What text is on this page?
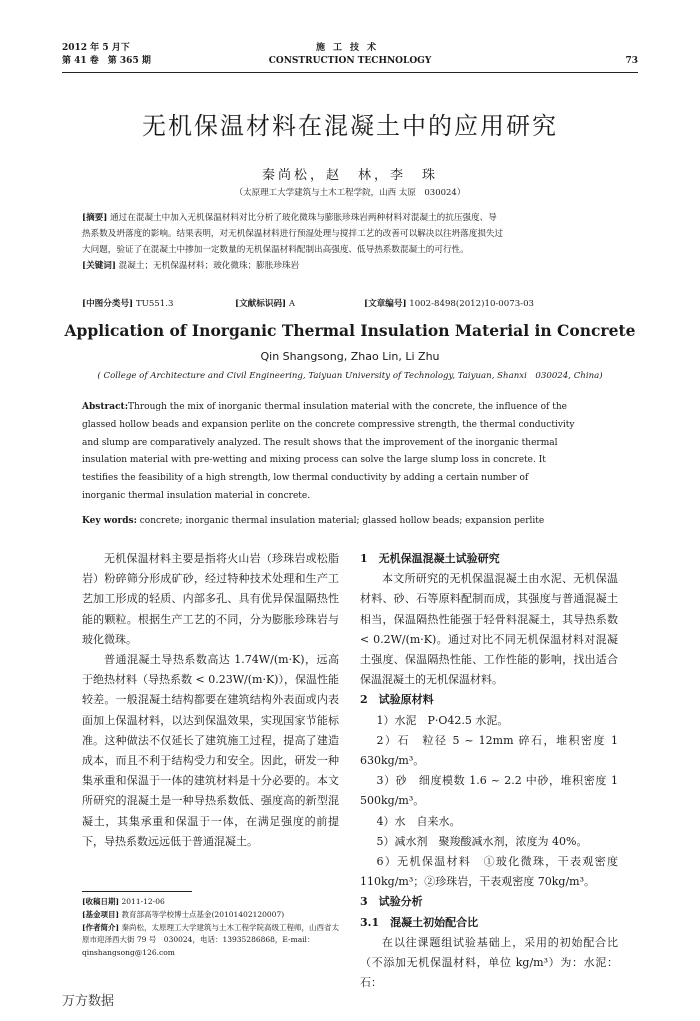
2012 年 5 月下
第 41 卷　第 365 期
施工技术
CONSTRUCTION TECHNOLOGY	73
无机保温材料在混凝土中的应用研究
秦尚松，赵　林，李　珠
（太原理工大学建筑与土木工程学院，山西 太原　030024）
[摘要] 通过在混凝土中加入无机保温材料对比分析了玻化微珠与膨胀珍珠岩两种材料对混凝土的抗压强度、导
热系数及坍落度的影响。结果表明，对无机保温材料进行预湿处理与搅拌工艺的改善可以解决以往坍落度损失过
大问题，验证了在混凝土中掺加一定数量的无机保温材料配制出高强度、低导热系数混凝土的可行性。
[关键词] 混凝土；无机保温材料；玻化微珠；膨胀珍珠岩
[中图分类号] TU551.3	[文献标识码] A	[文章编号] 1002-8498(2012)10-0073-03
Application of Inorganic Thermal Insulation Material in Concrete
Qin Shangsong, Zhao Lin, Li Zhu
( College of Architecture and Civil Engineering, Taiyuan University of Technology, Taiyuan, Shanxi　030024, China)
Abstract:Through the mix of inorganic thermal insulation material with the concrete, the influence of the
glassed hollow beads and expansion perlite on the concrete compressive strength, the thermal conductivity
and slump are comparatively analyzed. The result shows that the improvement of the inorganic thermal
insulation material with pre-wetting and mixing process can solve the large slump loss in concrete. It
testifies the feasibility of a high strength, low thermal conductivity by adding a certain number of
inorganic thermal insulation material in concrete.
Key words: concrete; inorganic thermal insulation material; glassed hollow beads; expansion perlite

无机保温材料主要是指将火山岩（珍珠岩或松脂岩）粉碎筛分形成矿砂，经过特种技术处理和生产工艺加工形成的轻质、内部多孔、具有优异保温隔热性能的颗粒。根据生产工艺的不同，分为膨胀珍珠岩与玻化微珠。

普通混凝土导热系数高达 1.74W/(m·K)，远高于绝热材料（导热系数 < 0.23W/(m·K)），保温性能较差。一般混凝土结构都要在建筑结构外表面或内表面加上保温材料，以达到保温效果，实现国家节能标准。这种做法不仅延长了建筑施工过程，提高了建造成本，而且不利于结构受力和安全。因此，研发一种集承重和保温于一体的建筑材料是十分必要的。本文所研究的混凝土是一种导热系数低、强度高的新型混凝土，其集承重和保温于一体，在满足强度的前提下，导热系数远远低于普通混凝土。

1　无机保温混凝土试验研究

本文所研究的无机保温混凝土由水泥、无机保温材料、砂、石等原料配制而成，其强度与普通混凝土相当，保温隔热性能强于轻骨料混凝土，其导热系数 < 0.2W/(m·K)。通过对比不同无机保温材料对混凝土强度、保温隔热性能、工作性能的影响，找出适合保温混凝土的无机保温材料。

2　试验原材料

1）水泥　P·O42.5 水泥。

2）石　粒径 5 ~ 12mm 碎石，堆积密度 1 630kg/m³。

3）砂　细度模数 1.6 ~ 2.2 中砂，堆积密度 1 500kg/m³。

4）水　自来水。

5）减水剂　聚羧酸减水剂，浓度为 40%。

6）无机保温材料　①玻化微珠，干表观密度 110kg/m³；②珍珠岩，干表观密度 70kg/m³。

3　试验分析

3.1　混凝土初始配合比

在以往课题组试验基础上，采用的初始配合比（不添加无机保温材料，单位 kg/m³）为：水泥：石：

[收稿日期] 2011-12-06
[基金项目] 教育部高等学校博士点基金(20101402120007)
[作者简介] 秦尚松，太原理工大学建筑与土木工程学院高级工程师，山西省太原市迎泽西大街 79 号　030024，电话：13935286868，E-mail：qinshangsong@126.com
万方数据
